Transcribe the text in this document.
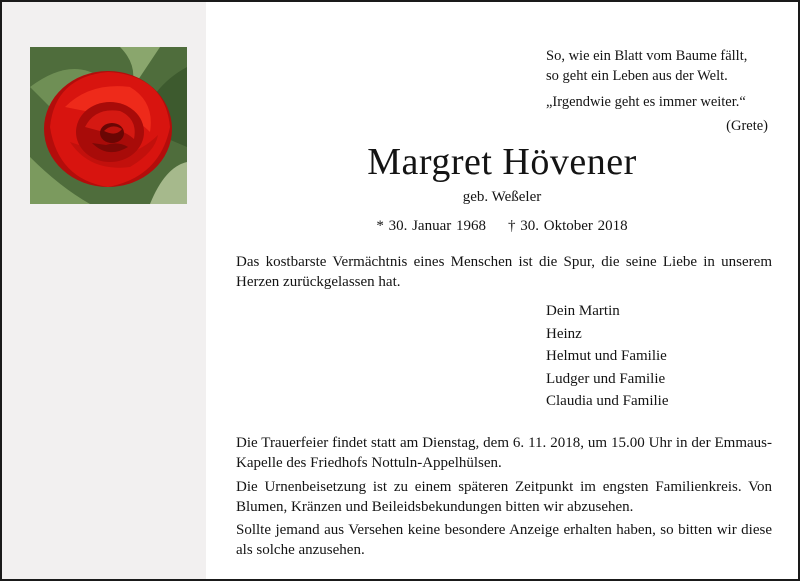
So, wie ein Blatt vom Baume fällt,
so geht ein Leben aus der Welt.
„Irgendwie geht es immer weiter.“
(Grete)
Margret Hövener
geb. Weßeler
* 30. Januar 1968 † 30. Oktober 2018
Das kostbarste Vermächtnis eines Menschen ist die Spur, die seine Liebe in unserem Herzen zurückgelassen hat.
Dein Martin
Heinz
Helmut und Familie
Ludger und Familie
Claudia und Familie
Die Trauerfeier findet statt am Dienstag, dem 6. 11. 2018, um 15.00 Uhr in der Emmaus-Kapelle des Friedhofs Nottuln-Appelhülsen.
Die Urnenbeisetzung ist zu einem späteren Zeitpunkt im engsten Familienkreis. Von Blumen, Kränzen und Beileidsbekundungen bitten wir abzusehen.
Sollte jemand aus Versehen keine besondere Anzeige erhalten haben, so bitten wir diese als solche anzusehen.
